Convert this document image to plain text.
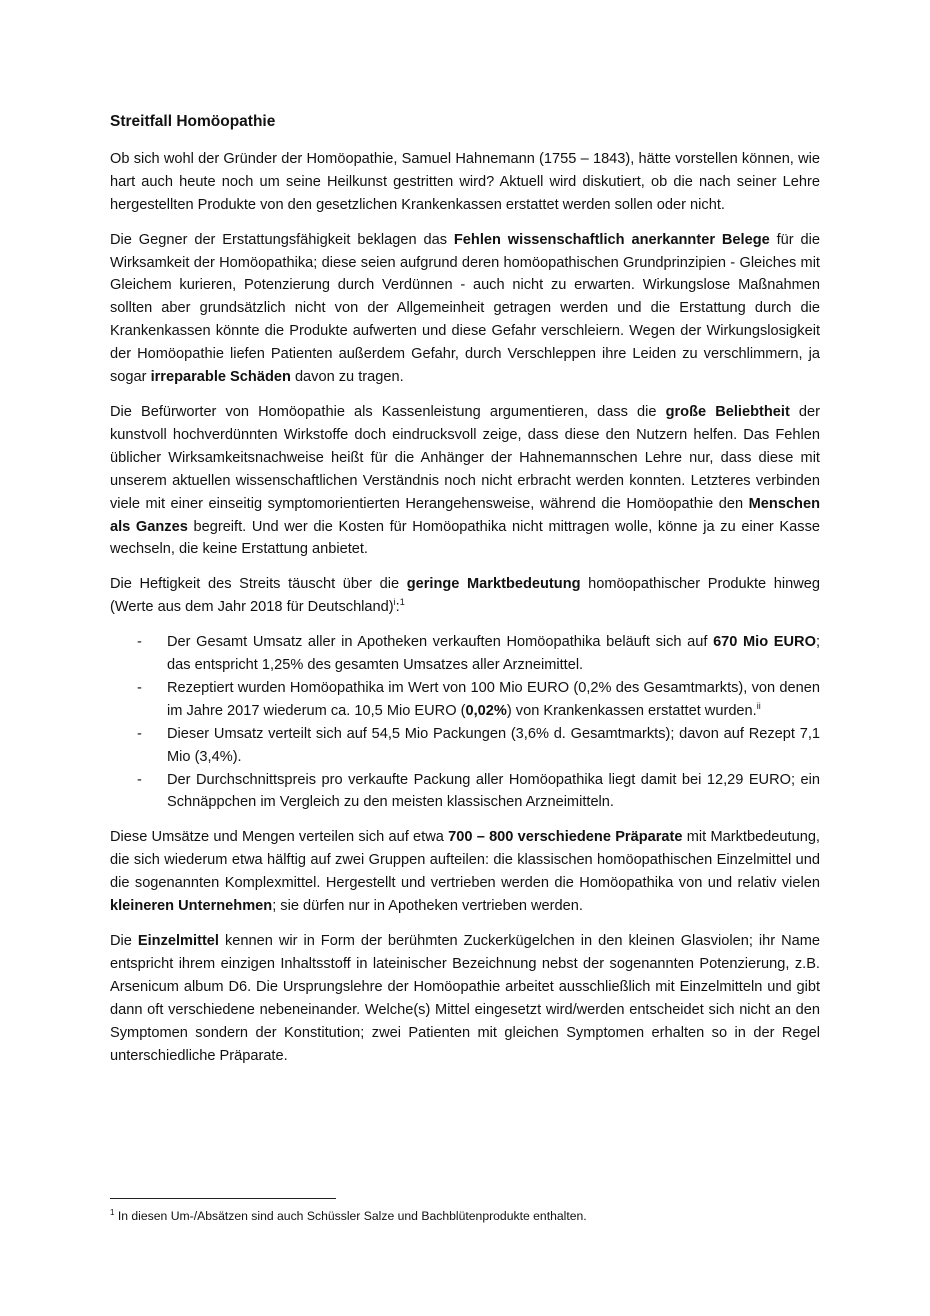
Streitfall Homöopathie

Ob sich wohl der Gründer der Homöopathie, Samuel Hahnemann (1755 – 1843), hätte vorstellen können, wie hart auch heute noch um seine Heilkunst gestritten wird? Aktuell wird diskutiert, ob die nach seiner Lehre hergestellten Produkte von den gesetzlichen Krankenkassen erstattet werden sollen oder nicht.

Die Gegner der Erstattungsfähigkeit beklagen das Fehlen wissenschaftlich anerkannter Belege für die Wirksamkeit der Homöopathika; diese seien aufgrund deren homöopathischen Grundprinzipien - Gleiches mit Gleichem kurieren, Potenzierung durch Verdünnen - auch nicht zu erwarten. Wirkungslose Maßnahmen sollten aber grundsätzlich nicht von der Allgemeinheit getragen werden und die Erstattung durch die Krankenkassen könnte die Produkte aufwerten und diese Gefahr verschleiern. Wegen der Wirkungslosigkeit der Homöopathie liefen Patienten außerdem Gefahr, durch Verschleppen ihre Leiden zu verschlimmern, ja sogar irreparable Schäden davon zu tragen.

Die Befürworter von Homöopathie als Kassenleistung argumentieren, dass die große Beliebtheit der kunstvoll hochverdünnten Wirkstoffe doch eindrucksvoll zeige, dass diese den Nutzern helfen. Das Fehlen üblicher Wirksamkeitsnachweise heißt für die Anhänger der Hahnemannschen Lehre nur, dass diese mit unserem aktuellen wissenschaftlichen Verständnis noch nicht erbracht werden konnten. Letzteres verbinden viele mit einer einseitig symptomorientierten Herangehensweise, während die Homöopathie den Menschen als Ganzes begreift. Und wer die Kosten für Homöopathika nicht mittragen wolle, könne ja zu einer Kasse wechseln, die keine Erstattung anbietet.

Die Heftigkeit des Streits täuscht über die geringe Marktbedeutung homöopathischer Produkte hinweg (Werte aus dem Jahr 2018 für Deutschland)$^i$:$^1$

- Der Gesamt Umsatz aller in Apotheken verkauften Homöopathika beläuft sich auf 670 Mio EURO; das entspricht 1,25% des gesamten Umsatzes aller Arzneimittel.
- Rezeptiert wurden Homöopathika im Wert von 100 Mio EURO (0,2% des Gesamtmarkts), von denen im Jahre 2017 wiederum ca. 10,5 Mio EURO (0,02%) von Krankenkassen erstattet wurden.$^{ii}$
- Dieser Umsatz verteilt sich auf 54,5 Mio Packungen (3,6% d. Gesamtmarkts); davon auf Rezept 7,1 Mio (3,4%).
- Der Durchschnittspreis pro verkaufte Packung aller Homöopathika liegt damit bei 12,29 EURO; ein Schnäppchen im Vergleich zu den meisten klassischen Arzneimitteln.

Diese Umsätze und Mengen verteilen sich auf etwa 700 – 800 verschiedene Präparate mit Marktbedeutung, die sich wiederum etwa hälftig auf zwei Gruppen aufteilen: die klassischen homöopathischen Einzelmittel und die sogenannten Komplexmittel. Hergestellt und vertrieben werden die Homöopathika von und relativ vielen kleineren Unternehmen; sie dürfen nur in Apotheken vertrieben werden.

Die Einzelmittel kennen wir in Form der berühmten Zuckerkügelchen in den kleinen Glasviolen; ihr Name entspricht ihrem einzigen Inhaltsstoff in lateinischer Bezeichnung nebst der sogenannten Potenzierung, z.B. Arsenicum album D6. Die Ursprungslehre der Homöopathie arbeitet ausschließlich mit Einzelmitteln und gibt dann oft verschiedene nebeneinander. Welche(s) Mittel eingesetzt wird/werden entscheidet sich nicht an den Symptomen sondern der Konstitution; zwei Patienten mit gleichen Symptomen erhalten so in der Regel unterschiedliche Präparate.

$^1$ In diesen Um-/Absätzen sind auch Schüssler Salze und Bachblütenprodukte enthalten.
